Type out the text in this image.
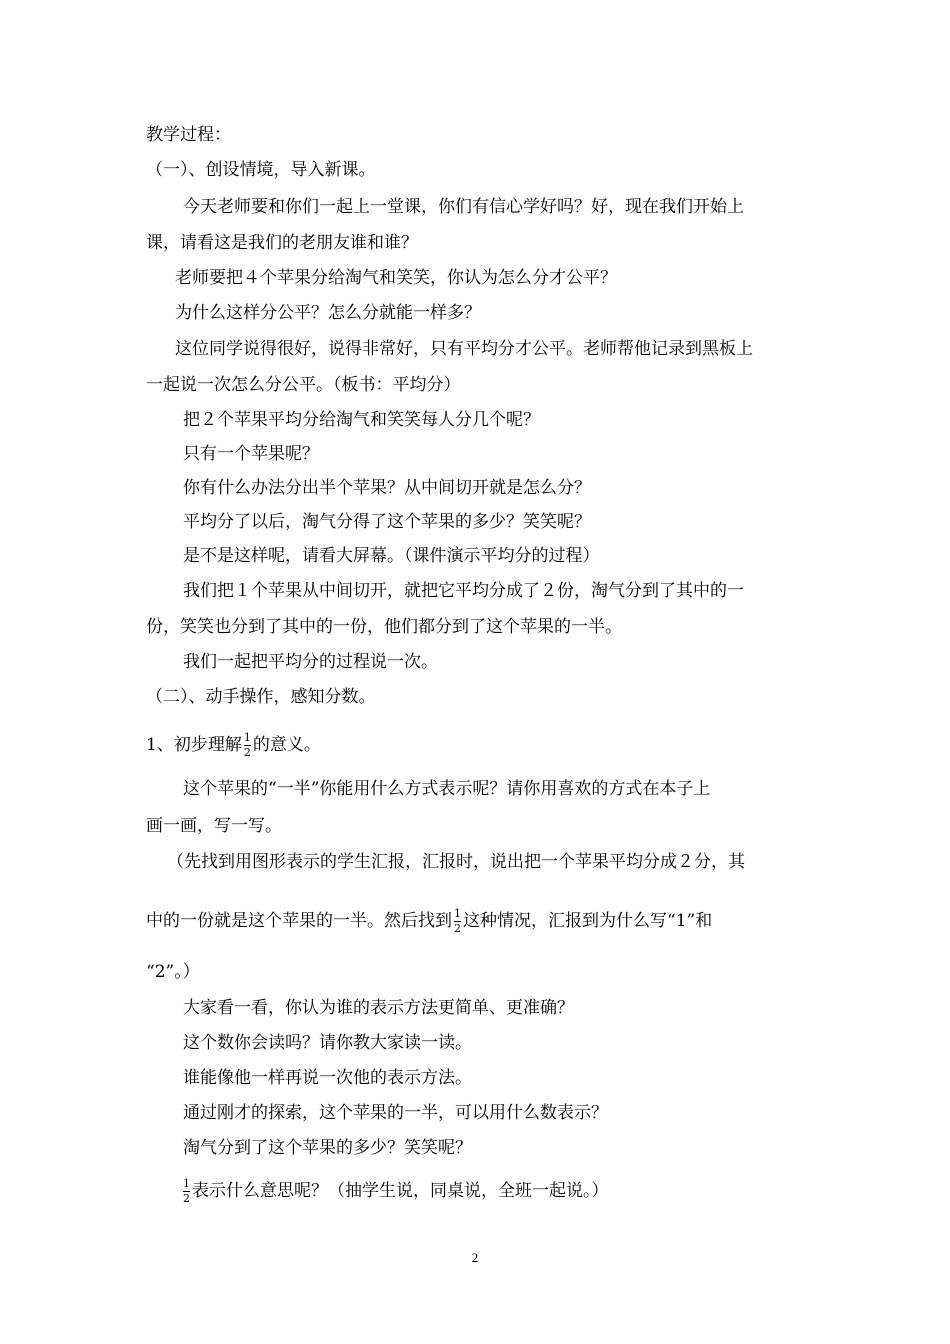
教学过程：
（一）、创设情境，导入新课。
今天老师要和你们一起上一堂课，你们有信心学好吗？好，现在我们开始上
课，请看这是我们的老朋友谁和谁？
老师要把４个苹果分给淘气和笑笑，你认为怎么分才公平？
为什么这样分公平？怎么分就能一样多？
这位同学说得很好，说得非常好，只有平均分才公平。老师帮他记录到黑板上
一起说一次怎么分公平。（板书：平均分）
把２个苹果平均分给淘气和笑笑每人分几个呢？
只有一个苹果呢？
你有什么办法分出半个苹果？从中间切开就是怎么分？
平均分了以后，淘气分得了这个苹果的多少？笑笑呢？
是不是这样呢，请看大屏幕。（课件演示平均分的过程）
我们把１个苹果从中间切开，就把它平均分成了２份，淘气分到了其中的一
份，笑笑也分到了其中的一份，他们都分到了这个苹果的一半。
我们一起把平均分的过程说一次。
（二）、动手操作，感知分数。
1、初步理解 $\frac{1}{2}$ 的意义。
这个苹果的“一半”你能用什么方式表示呢？请你用喜欢的方式在本子上
画一画，写一写。
（先找到用图形表示的学生汇报，汇报时，说出把一个苹果平均分成２分，其
中的一份就是这个苹果的一半。然后找到 $\frac{1}{2}$ 这种情况，汇报到为什么写“1”和
“2”。）
大家看一看，你认为谁的表示方法更简单、更准确？
这个数你会读吗？请你教大家读一读。
谁能像他一样再说一次他的表示方法。
通过刚才的探索，这个苹果的一半，可以用什么数表示？
淘气分到了这个苹果的多少？笑笑呢？
$\frac{1}{2}$ 表示什么意思呢？（抽学生说，同桌说，全班一起说。）
2
